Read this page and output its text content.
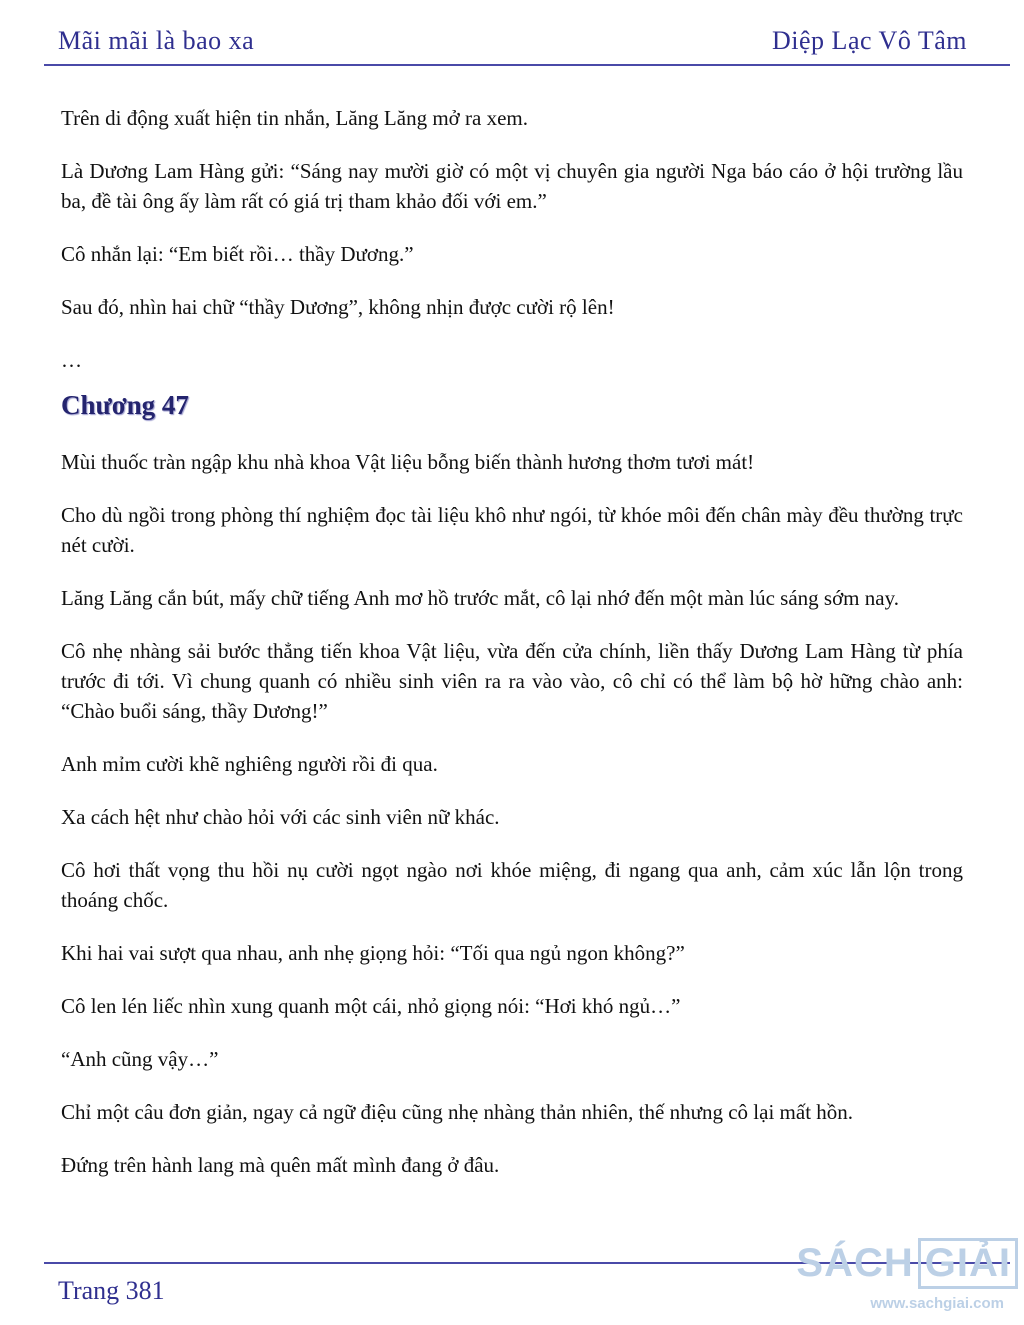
Mãi mãi là bao xa	Diệp Lạc Vô Tâm

Trên di động xuất hiện tin nhắn, Lăng Lăng mở ra xem.

Là Dương Lam Hàng gửi: “Sáng nay mười giờ có một vị chuyên gia người Nga báo cáo ở hội trường lầu ba, đề tài ông ấy làm rất có giá trị tham khảo đối với em.”

Cô nhắn lại: “Em biết rồi… thầy Dương.”

Sau đó, nhìn hai chữ “thầy Dương”, không nhịn được cười rộ lên!

…

Chương 47

Mùi thuốc tràn ngập khu nhà khoa Vật liệu bỗng biến thành hương thơm tươi mát!

Cho dù ngồi trong phòng thí nghiệm đọc tài liệu khô như ngói, từ khóe môi đến chân mày đều thường trực nét cười.

Lăng Lăng cắn bút, mấy chữ tiếng Anh mơ hồ trước mắt, cô lại nhớ đến một màn lúc sáng sớm nay.

Cô nhẹ nhàng sải bước thẳng tiến khoa Vật liệu, vừa đến cửa chính, liền thấy Dương Lam Hàng từ phía trước đi tới. Vì chung quanh có nhiều sinh viên ra ra vào vào, cô chỉ có thể làm bộ hờ hững chào anh: “Chào buổi sáng, thầy Dương!”

Anh mỉm cười khẽ nghiêng người rồi đi qua.

Xa cách hệt như chào hỏi với các sinh viên nữ khác.

Cô hơi thất vọng thu hồi nụ cười ngọt ngào nơi khóe miệng, đi ngang qua anh, cảm xúc lẫn lộn trong thoáng chốc.

Khi hai vai sượt qua nhau, anh nhẹ giọng hỏi: “Tối qua ngủ ngon không?”

Cô len lén liếc nhìn xung quanh một cái, nhỏ giọng nói: “Hơi khó ngủ…”

“Anh cũng vậy…”

Chỉ một câu đơn giản, ngay cả ngữ điệu cũng nhẹ nhàng thản nhiên, thế nhưng cô lại mất hồn.

Đứng trên hành lang mà quên mất mình đang ở đâu.

Trang 381
SÁCH GIẢI
www.sachgiai.com
